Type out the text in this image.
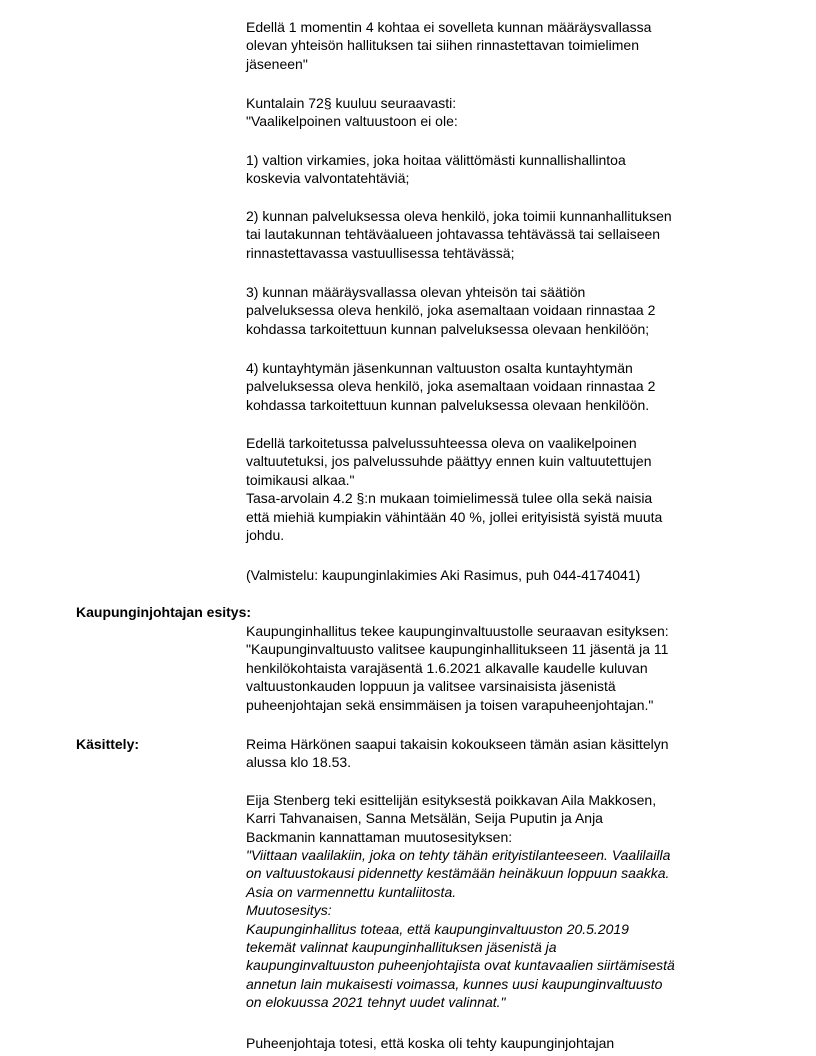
Edellä 1 momentin 4 kohtaa ei sovelleta kunnan määräysvallassa
olevan yhteisön hallituksen tai siihen rinnastettavan toimielimen
jäseneen"
Kuntalain 72§ kuuluu seuraavasti:
"Vaalikelpoinen valtuustoon ei ole:
1) valtion virkamies, joka hoitaa välittömästi kunnallishallintoa
koskevia valvontatehtäviä;
2) kunnan palveluksessa oleva henkilö, joka toimii kunnanhallituksen
tai lautakunnan tehtäväalueen johtavassa tehtävässä tai sellaiseen
rinnastettavassa vastuullisessa tehtävässä;
3) kunnan määräysvallassa olevan yhteisön tai säätiön
palveluksessa oleva henkilö, joka asemaltaan voidaan rinnastaa 2
kohdassa tarkoitettuun kunnan palveluksessa olevaan henkilöön;
4) kuntayhtymän jäsenkunnan valtuuston osalta kuntayhtymän
palveluksessa oleva henkilö, joka asemaltaan voidaan rinnastaa 2
kohdassa tarkoitettuun kunnan palveluksessa olevaan henkilöön.
Edellä tarkoitetussa palvelussuhteessa oleva on vaalikelpoinen
valtuutetuksi, jos palvelussuhde päättyy ennen kuin valtuutettujen
toimikausi alkaa."
Tasa-arvolain 4.2 §:n mukaan toimielimessä tulee olla sekä naisia
että miehiä kumpiakin vähintään 40 %, jollei erityisistä syistä muuta
johdu.
(Valmistelu: kaupunginlakimies Aki Rasimus, puh 044-4174041)
Kaupunginjohtajan esitys:
Kaupunginhallitus tekee kaupunginvaltuustolle seuraavan esityksen:
"Kaupunginvaltuusto valitsee kaupunginhallitukseen 11 jäsentä ja 11
henkilökohtaista varajäsentä 1.6.2021 alkavalle kaudelle kuluvan
valtuustonkauden loppuun ja valitsee varsinaisista jäsenistä
puheenjohtajan sekä ensimmäisen ja toisen varapuheenjohtajan."
Käsittely:	Reima Härkönen saapui takaisin kokoukseen tämän asian käsittelyn
alussa klo 18.53.
Eija Stenberg teki esittelijän esityksestä poikkavan Aila Makkosen,
Karri Tahvanaisen, Sanna Metsälän, Seija Puputin ja Anja
Backmanin kannattaman muutosesityksen:
"Viittaan vaalilakiin, joka on tehty tähän erityistilanteeseen. Vaalilailla
on valtuustokausi pidennetty kestämään heinäkuun loppuun saakka.
Asia on varmennettu kuntaliitosta.
Muutosesitys:
Kaupunginhallitus toteaa, että kaupunginvaltuuston 20.5.2019
tekemät valinnat kaupunginhallituksen jäsenistä ja
kaupunginvaltuuston puheenjohtajista ovat kuntavaalien siirtämisestä
annetun lain mukaisesti voimassa, kunnes uusi kaupunginvaltuusto
on elokuussa 2021 tehnyt uudet valinnat."
Puheenjohtaja totesi, että koska oli tehty kaupunginjohtajan
